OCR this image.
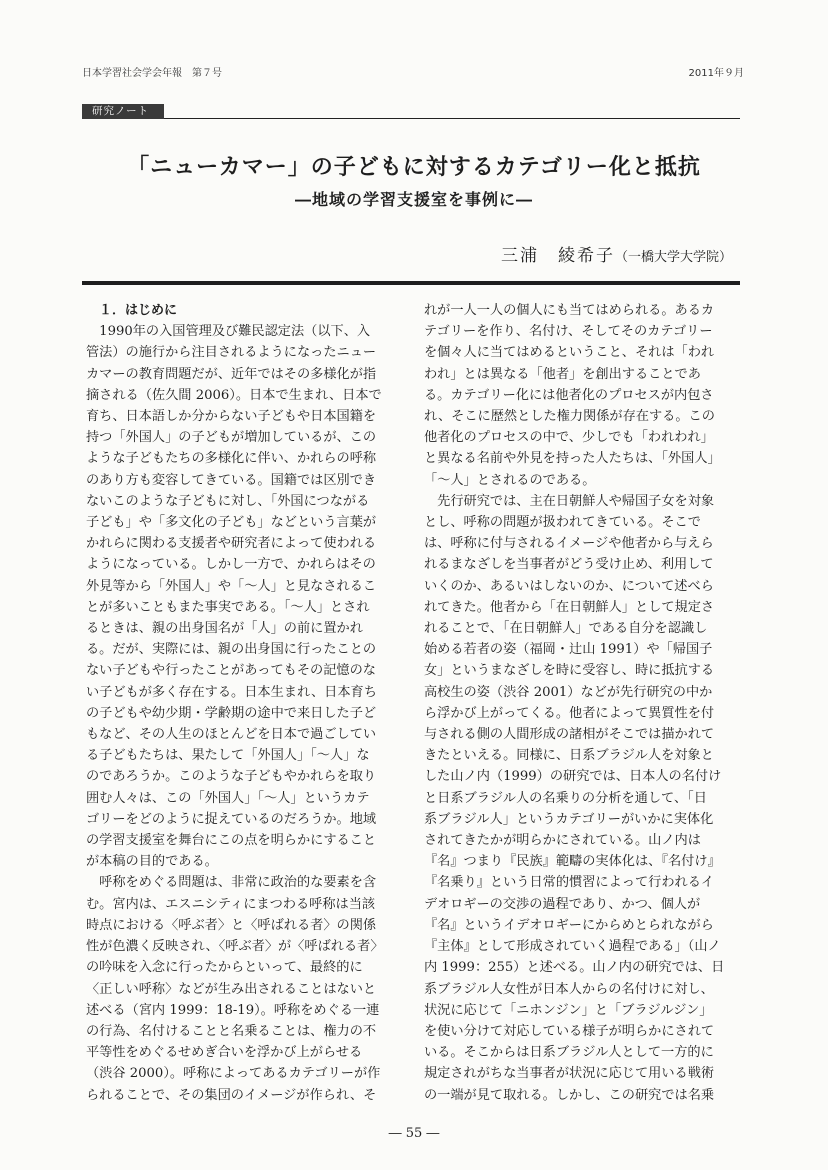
日本学習社会学会年報　第７号	2011年９月
研究ノート
「ニューカマー」の子どもに対するカテゴリー化と抵抗
―地域の学習支援室を事例に―
三浦　綾希子（一橋大学大学院）
　１．はじめに
　1990年の入国管理及び難民認定法（以下、入
管法）の施行から注目されるようになったニュー
カマーの教育問題だが、近年ではその多様化が指
摘される（佐久間 2006）。日本で生まれ、日本で
育ち、日本語しか分からない子どもや日本国籍を
持つ「外国人」の子どもが増加しているが、この
ような子どもたちの多様化に伴い、かれらの呼称
のあり方も変容してきている。国籍では区別でき
ないこのような子どもに対し、「外国につながる
子ども」や「多文化の子ども」などという言葉が
かれらに関わる支援者や研究者によって使われる
ようになっている。しかし一方で、かれらはその
外見等から「外国人」や「～人」と見なされるこ
とが多いこともまた事実である。「～人」とされ
るときは、親の出身国名が「人」の前に置かれ
る。だが、実際には、親の出身国に行ったことの
ない子どもや行ったことがあってもその記憶のな
い子どもが多く存在する。日本生まれ、日本育ち
の子どもや幼少期・学齢期の途中で来日した子ど
もなど、その人生のほとんどを日本で過ごしてい
る子どもたちは、果たして「外国人」「～人」な
のであろうか。このような子どもやかれらを取り
囲む人々は、この「外国人」「～人」というカテ
ゴリーをどのように捉えているのだろうか。地域
の学習支援室を舞台にこの点を明らかにすること
が本稿の目的である。
　呼称をめぐる問題は、非常に政治的な要素を含
む。宮内は、エスニシティにまつわる呼称は当該
時点における〈呼ぶ者〉と〈呼ばれる者〉の関係
性が色濃く反映され、〈呼ぶ者〉が〈呼ばれる者〉
の吟味を入念に行ったからといって、最終的に
〈正しい呼称〉などが生み出されることはないと
述べる（宮内 1999：18-19）。呼称をめぐる一連
の行為、名付けることと名乗ることは、権力の不
平等性をめぐるせめぎ合いを浮かび上がらせる
（渋谷 2000）。呼称によってあるカテゴリーが作
られることで、その集団のイメージが作られ、そ
れが一人一人の個人にも当てはめられる。あるカ
テゴリーを作り、名付け、そしてそのカテゴリー
を個々人に当てはめるということ、それは「われ
われ」とは異なる「他者」を創出することであ
る。カテゴリー化には他者化のプロセスが内包さ
れ、そこに歴然とした権力関係が存在する。この
他者化のプロセスの中で、少しでも「われわれ」
と異なる名前や外見を持った人たちは、「外国人」
「～人」とされるのである。
　先行研究では、主在日朝鮮人や帰国子女を対象
とし、呼称の問題が扱われてきている。そこで
は、呼称に付与されるイメージや他者から与えら
れるまなざしを当事者がどう受け止め、利用して
いくのか、あるいはしないのか、について述べら
れてきた。他者から「在日朝鮮人」として規定さ
れることで、「在日朝鮮人」である自分を認識し
始める若者の姿（福岡・辻山 1991）や「帰国子
女」というまなざしを時に受容し、時に抵抗する
高校生の姿（渋谷 2001）などが先行研究の中か
ら浮かび上がってくる。他者によって異質性を付
与される側の人間形成の諸相がそこでは描かれて
きたといえる。同様に、日系ブラジル人を対象と
した山ノ内（1999）の研究では、日本人の名付け
と日系ブラジル人の名乗りの分析を通して、「日
系ブラジル人」というカテゴリーがいかに実体化
されてきたかが明らかにされている。山ノ内は
『名』つまり『民族』範疇の実体化は、『名付け』
『名乗り』という日常的慣習によって行われるイ
デオロギーの交渉の過程であり、かつ、個人が
『名』というイデオロギーにからめとられながら
『主体』として形成されていく過程である」（山ノ
内 1999：255）と述べる。山ノ内の研究では、日
系ブラジル人女性が日本人からの名付けに対し、
状況に応じて「ニホンジン」と「ブラジルジン」
を使い分けて対応している様子が明らかにされて
いる。そこからは日系ブラジル人として一方的に
規定されがちな当事者が状況に応じて用いる戦術
の一端が見て取れる。しかし、この研究では名乗
― 55 ―
